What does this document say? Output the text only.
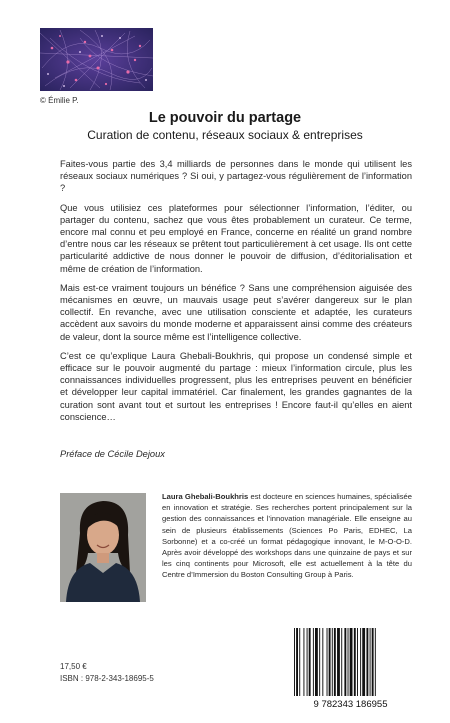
© Émilie P.
Le pouvoir du partage
Curation de contenu, réseaux sociaux & entreprises

Faites-vous partie des 3,4 milliards de personnes dans le monde qui utilisent les réseaux sociaux numériques ? Si oui, y partagez-vous régulièrement de l’information ?

Que vous utilisiez ces plateformes pour sélectionner l’information, l’éditer, ou partager du contenu, sachez que vous êtes probablement un curateur. Ce terme, encore mal connu et peu employé en France, concerne en réalité un grand nombre d’entre nous car les réseaux se prêtent tout particulièrement à cet usage. Ils ont cette particularité addictive de nous donner le pouvoir de diffusion, d’éditorialisation et même de création de l’information.

Mais est-ce vraiment toujours un bénéfice ? Sans une compréhension aiguisée des mécanismes en œuvre, un mauvais usage peut s’avérer dangereux sur le plan collectif. En revanche, avec une utilisation consciente et adaptée, les curateurs accèdent aux savoirs du monde moderne et apparaissent ainsi comme des créateurs de valeur, dont la source même est l’intelligence collective.

C’est ce qu’explique Laura Ghebali-Boukhris, qui propose un condensé simple et efficace sur le pouvoir augmenté du partage : mieux l’information circule, plus les connaissances individuelles progressent, plus les entreprises peuvent en bénéficier et développer leur capital immatériel. Car finalement, les grandes gagnantes de la curation sont avant tout et surtout les entreprises ! Encore faut-il qu’elles en aient conscience…

Préface de Cécile Dejoux
Laura Ghebali-Boukhris est docteure en sciences humaines, spécialisée en innovation et stratégie. Ses recherches portent principalement sur la gestion des connaissances et l’innovation managériale. Elle enseigne au sein de plusieurs établissements (Sciences Po Paris, EDHEC, La Sorbonne) et a co-créé un format pédagogique innovant, le M-O-O-D. Après avoir développé des workshops dans une quinzaine de pays et sur les cinq continents pour Microsoft, elle est actuellement à la tête du Centre d’Immersion du Boston Consulting Group à Paris.
17,50 €
ISBN : 978-2-343-18695-5
9 782343 186955
